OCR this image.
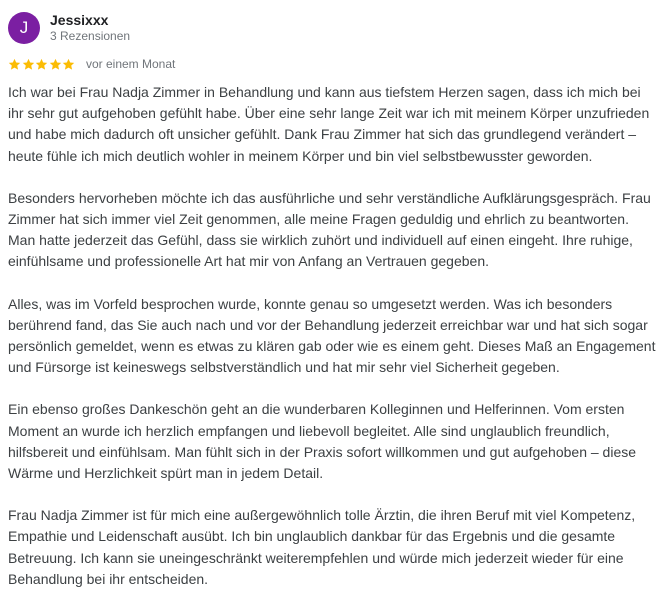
J Jessixxx
3 Rezensionen
vor einem Monat

Ich war bei Frau Nadja Zimmer in Behandlung und kann aus tiefstem Herzen sagen, dass ich mich bei ihr sehr gut aufgehoben gefühlt habe. Über eine sehr lange Zeit war ich mit meinem Körper unzufrieden und habe mich dadurch oft unsicher gefühlt. Dank Frau Zimmer hat sich das grundlegend verändert – heute fühle ich mich deutlich wohler in meinem Körper und bin viel selbstbewusster geworden.

Besonders hervorheben möchte ich das ausführliche und sehr verständliche Aufklärungsgespräch. Frau Zimmer hat sich immer viel Zeit genommen, alle meine Fragen geduldig und ehrlich zu beantworten. Man hatte jederzeit das Gefühl, dass sie wirklich zuhört und individuell auf einen eingeht. Ihre ruhige, einfühlsame und professionelle Art hat mir von Anfang an Vertrauen gegeben.

Alles, was im Vorfeld besprochen wurde, konnte genau so umgesetzt werden. Was ich besonders berührend fand, das Sie auch nach und vor der Behandlung jederzeit erreichbar war und hat sich sogar persönlich gemeldet, wenn es etwas zu klären gab oder wie es einem geht. Dieses Maß an Engagement und Fürsorge ist keineswegs selbstverständlich und hat mir sehr viel Sicherheit gegeben.

Ein ebenso großes Dankeschön geht an die wunderbaren Kolleginnen und Helferinnen. Vom ersten Moment an wurde ich herzlich empfangen und liebevoll begleitet. Alle sind unglaublich freundlich, hilfsbereit und einfühlsam. Man fühlt sich in der Praxis sofort willkommen und gut aufgehoben – diese Wärme und Herzlichkeit spürt man in jedem Detail.

Frau Nadja Zimmer ist für mich eine außergewöhnlich tolle Ärztin, die ihren Beruf mit viel Kompetenz, Empathie und Leidenschaft ausübt. Ich bin unglaublich dankbar für das Ergebnis und die gesamte Betreuung. Ich kann sie uneingeschränkt weiterempfehlen und würde mich jederzeit wieder für eine Behandlung bei ihr entscheiden.
